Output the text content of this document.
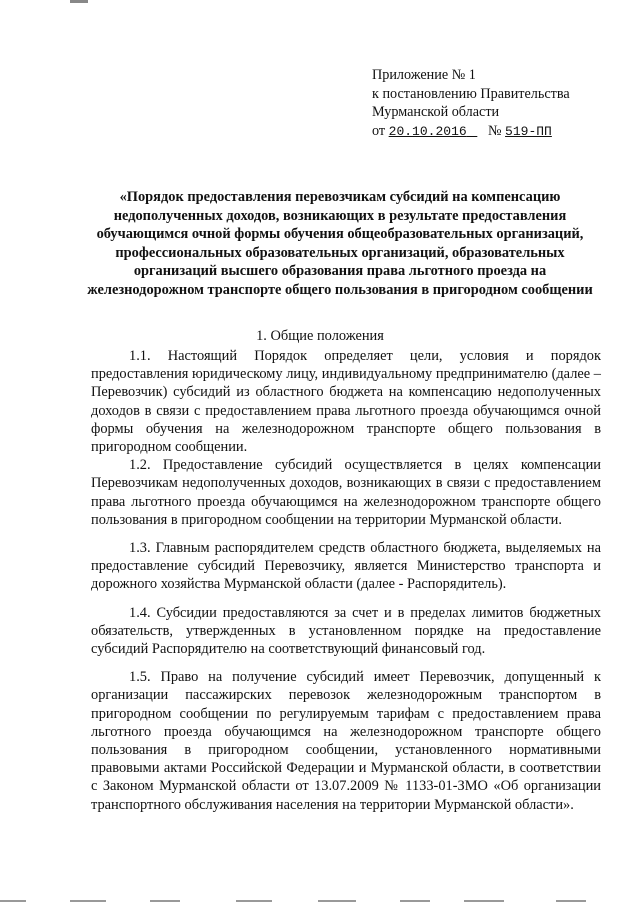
Приложение № 1
к постановлению Правительства
Мурманской области
от 20.10.2016 № 519-ПП
«Порядок предоставления перевозчикам субсидий на компенсацию недополученных доходов, возникающих в результате предоставления обучающимся очной формы обучения общеобразовательных организаций, профессиональных образовательных организаций, образовательных организаций высшего образования права льготного проезда на железнодорожном транспорте общего пользования в пригородном сообщении
1. Общие положения

1.1. Настоящий Порядок определяет цели, условия и порядок предоставления юридическому лицу, индивидуальному предпринимателю (далее – Перевозчик) субсидий из областного бюджета на компенсацию недополученных доходов в связи с предоставлением права льготного проезда обучающимся очной формы обучения на железнодорожном транспорте общего пользования в пригородном сообщении.

1.2. Предоставление субсидий осуществляется в целях компенсации Перевозчикам недополученных доходов, возникающих в связи с предоставлением права льготного проезда обучающимся на железнодорожном транспорте общего пользования в пригородном сообщении на территории Мурманской области.

1.3. Главным распорядителем средств областного бюджета, выделяемых на предоставление субсидий Перевозчику, является Министерство транспорта и дорожного хозяйства Мурманской области (далее - Распорядитель).

1.4. Субсидии предоставляются за счет и в пределах лимитов бюджетных обязательств, утвержденных в установленном порядке на предоставление субсидий Распорядителю на соответствующий финансовый год.

1.5. Право на получение субсидий имеет Перевозчик, допущенный к организации пассажирских перевозок железнодорожным транспортом в пригородном сообщении по регулируемым тарифам с предоставлением права льготного проезда обучающимся на железнодорожном транспорте общего пользования в пригородном сообщении, установленного нормативными правовыми актами Российской Федерации и Мурманской области, в соответствии с Законом Мурманской области от 13.07.2009 № 1133-01-ЗМО «Об организации транспортного обслуживания населения на территории Мурманской области».
